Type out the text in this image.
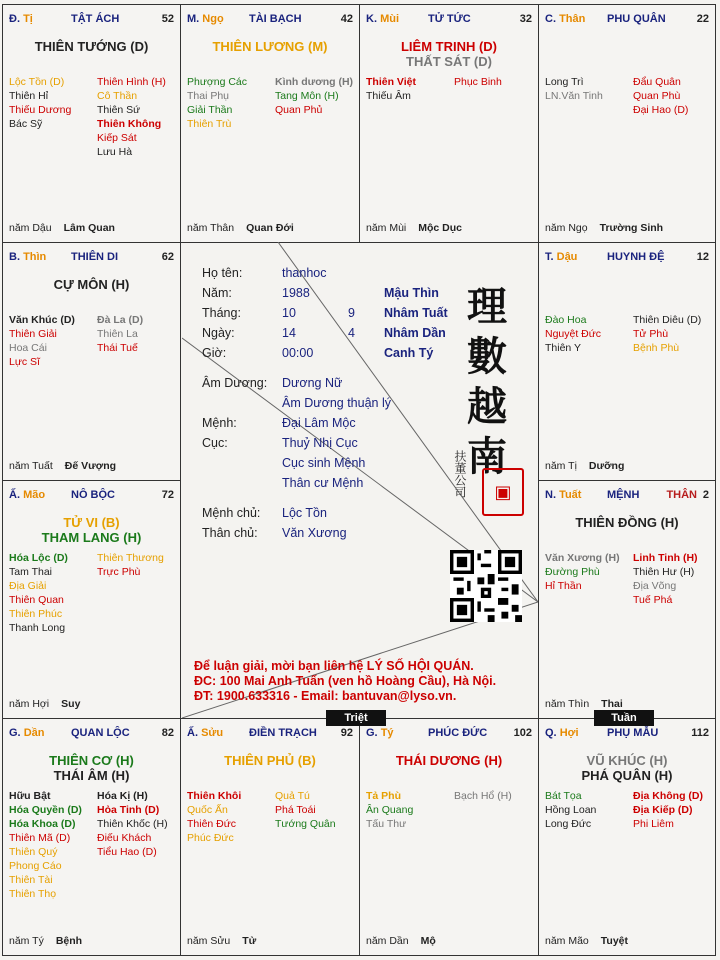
Đ. Tị	TẬT ÁCH	52
THIÊN TƯỚNG (D)
Lộc Tồn (D)
Thiên Hỉ
Thiếu Dương
Bác Sỹ
Thiên Hình (H)
Cô Thần
Thiên Sứ
Thiên Không
Kiếp Sát
Lưu Hà
năm Dậu Lâm Quan
M. Ngọ TÀI BẠCH	42
THIÊN LƯƠNG (M)
Phượng Các
Thai Phụ
Giải Thần
Thiên Trù
Kình dương (H)
Tang Môn (H)
Quan Phủ
năm Thân Quan Đới
K. Mùi	TỬ TỨC	32
LIÊM TRINH (D)
THẤT SÁT (D)
Thiên Việt
Thiếu Âm
Phục Binh
năm Mùi Mộc Dục
C. Thân PHU QUÂN	22
Long Trì
LN.Văn Tinh
Đẩu Quân
Quan Phù
Đại Hao (D)
năm Ngọ Trường Sinh
B. Thìn THIÊN DI	62
CỰ MÔN (H)
Văn Khúc (D)
Thiên Giải
Hoa Cái
Lực Sĩ
Đà La (D)
Thiên La
Thái Tuế
năm Tuất Đế Vượng
T. Dậu	HUYNH ĐỆ	12
Đào Hoa
Nguyệt Đức
Thiên Y
Thiên Diêu (D)
Tử Phù
Bệnh Phù
năm Tị Dưỡng
Ấ. Mão NÔ BỘC	72
TỬ VI (B)
THAM LANG (H)
Hóa Lộc (D)
Tam Thai
Địa Giải
Thiên Quan
Thiên Phúc
Thanh Long
Thiên Thương
Trực Phù
năm Hợi Suy
N. Tuất MỆNH THÂN 2
THIÊN ĐỒNG (H)
Văn Xương (H)
Đường Phù
Hỉ Thần
Linh Tinh (H)
Thiên Hư (H)
Địa Võng
Tuế Phá
năm Thìn Thai
G. Dần QUAN LỘC	82
THIÊN CƠ (H)
THÁI ÂM (H)
Hữu Bật
Hóa Quyền (D)
Hóa Khoa (D)
Thiên Mã (D)
Thiên Quý
Phong Cáo
Thiên Tài
Thiên Thọ
Hóa Kị (H)
Hỏa Tinh (D)
Thiên Khốc (H)
Điếu Khách
Tiểu Hao (D)
năm Tý Bệnh
Ấ. Sửu ĐIỀN TRẠCH 92
THIÊN PHỦ (B)
Thiên Khôi
Quốc Ấn
Thiên Đức
Phúc Đức
Quả Tú
Phá Toái
Tướng Quân
năm Sửu Tử
G. Tý	PHÚC ĐỨC 102
THÁI DƯƠNG (H)
Tả Phù
Ân Quang
Tấu Thư
Bạch Hổ (H)
năm Dần Mộ
Q. Hợi	PHỤ MẪU	112
VŨ KHÚC (H)
PHÁ QUÂN (H)
Bát Tọa
Hồng Loan
Long Đức
Địa Không (D)
Địa Kiếp (D)
Phi Liêm
năm Mão Tuyệt
Họ tên:	thanhoc
Năm:	1988	Mậu Thìn
Tháng:	10	9 Nhâm Tuất
Ngày:	14	4 Nhâm Dần
Giờ:	00:00	Canh Tý
Âm Dương: Dương Nữ
Âm Dương thuận lý
Mệnh:	Đại Lâm Mộc
Cục:	Thuỷ Nhị Cục
Cục sinh Mệnh
Thân cư Mệnh
Mệnh chủ: Lộc Tồn
Thân chủ: Văn Xương
理
數
越
南
扶董公司	▣
Để luận giải, mời bạn liên hệ LÝ SỐ HỘI QUÁN.
ĐC: 100 Mai Anh Tuấn (ven hồ Hoàng Cầu), Hà Nội.
ĐT: 1900.633316 - Email: bantuvan@lyso.vn.
Triệt	Tuần
